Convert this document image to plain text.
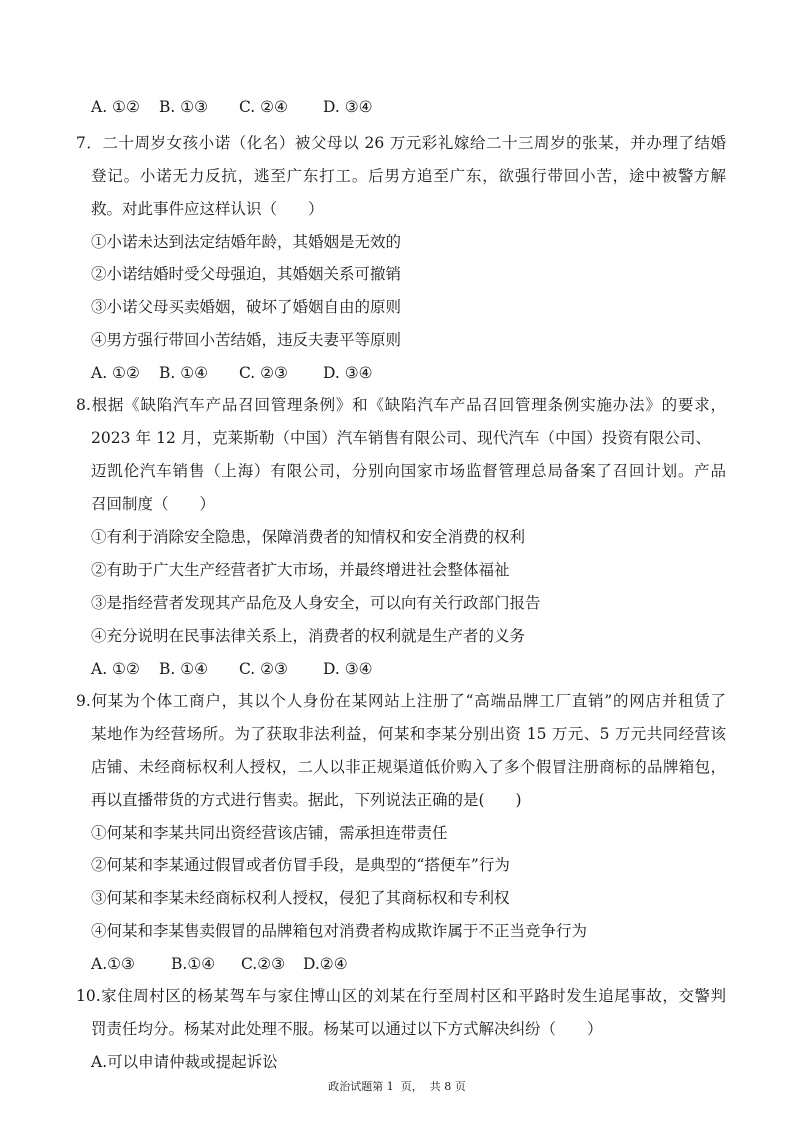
A. ①② B. ①③ C. ②④ D. ③④
7．二十周岁女孩小诺（化名）被父母以 26 万元彩礼嫁给二十三周岁的张某，并办理了结婚
登记。小诺无力反抗，逃至广东打工。后男方追至广东，欲强行带回小苦，途中被警方解
救。对此事件应这样认识（　　）
①小诺未达到法定结婚年龄，其婚姻是无效的
②小诺结婚时受父母强迫，其婚姻关系可撤销
③小诺父母买卖婚姻，破坏了婚姻自由的原则
④男方强行带回小苦结婚，违反夫妻平等原则
A. ①② B. ①④ C. ②③ D. ③④
8.根据《缺陷汽车产品召回管理条例》和《缺陷汽车产品召回管理条例实施办法》的要求，
2023 年 12 月，克莱斯勒（中国）汽车销售有限公司、现代汽车（中国）投资有限公司、
迈凯伦汽车销售（上海）有限公司，分别向国家市场监督管理总局备案了召回计划。产品
召回制度（　　）
①有利于消除安全隐患，保障消费者的知情权和安全消费的权利
②有助于广大生产经营者扩大市场，并最终增进社会整体福祉
③是指经营者发现其产品危及人身安全，可以向有关行政部门报告
④充分说明在民事法律关系上，消费者的权利就是生产者的义务
A. ①② B. ①④ C. ②③ D. ③④
9.何某为个体工商户，其以个人身份在某网站上注册了“高端品牌工厂直销”的网店并租赁了
某地作为经营场所。为了获取非法利益，何某和李某分别出资 15 万元、5 万元共同经营该
店铺、未经商标权利人授权，二人以非正规渠道低价购入了多个假冒注册商标的品牌箱包，
再以直播带货的方式进行售卖。据此，下列说法正确的是(　　)
①何某和李某共同出资经营该店铺，需承担连带责任
②何某和李某通过假冒或者仿冒手段，是典型的“搭便车”行为
③何某和李某未经商标权利人授权，侵犯了其商标权和专利权
④何某和李某售卖假冒的品牌箱包对消费者构成欺诈属于不正当竞争行为
A.①③ B.①④ C.②③ D.②④
10.家住周村区的杨某驾车与家住博山区的刘某在行至周村区和平路时发生追尾事故，交警判
罚责任均分。杨某对此处理不服。杨某可以通过以下方式解决纠纷（　　）
A.可以申请仲裁或提起诉讼
政治试题第 1  页，  共 8 页
